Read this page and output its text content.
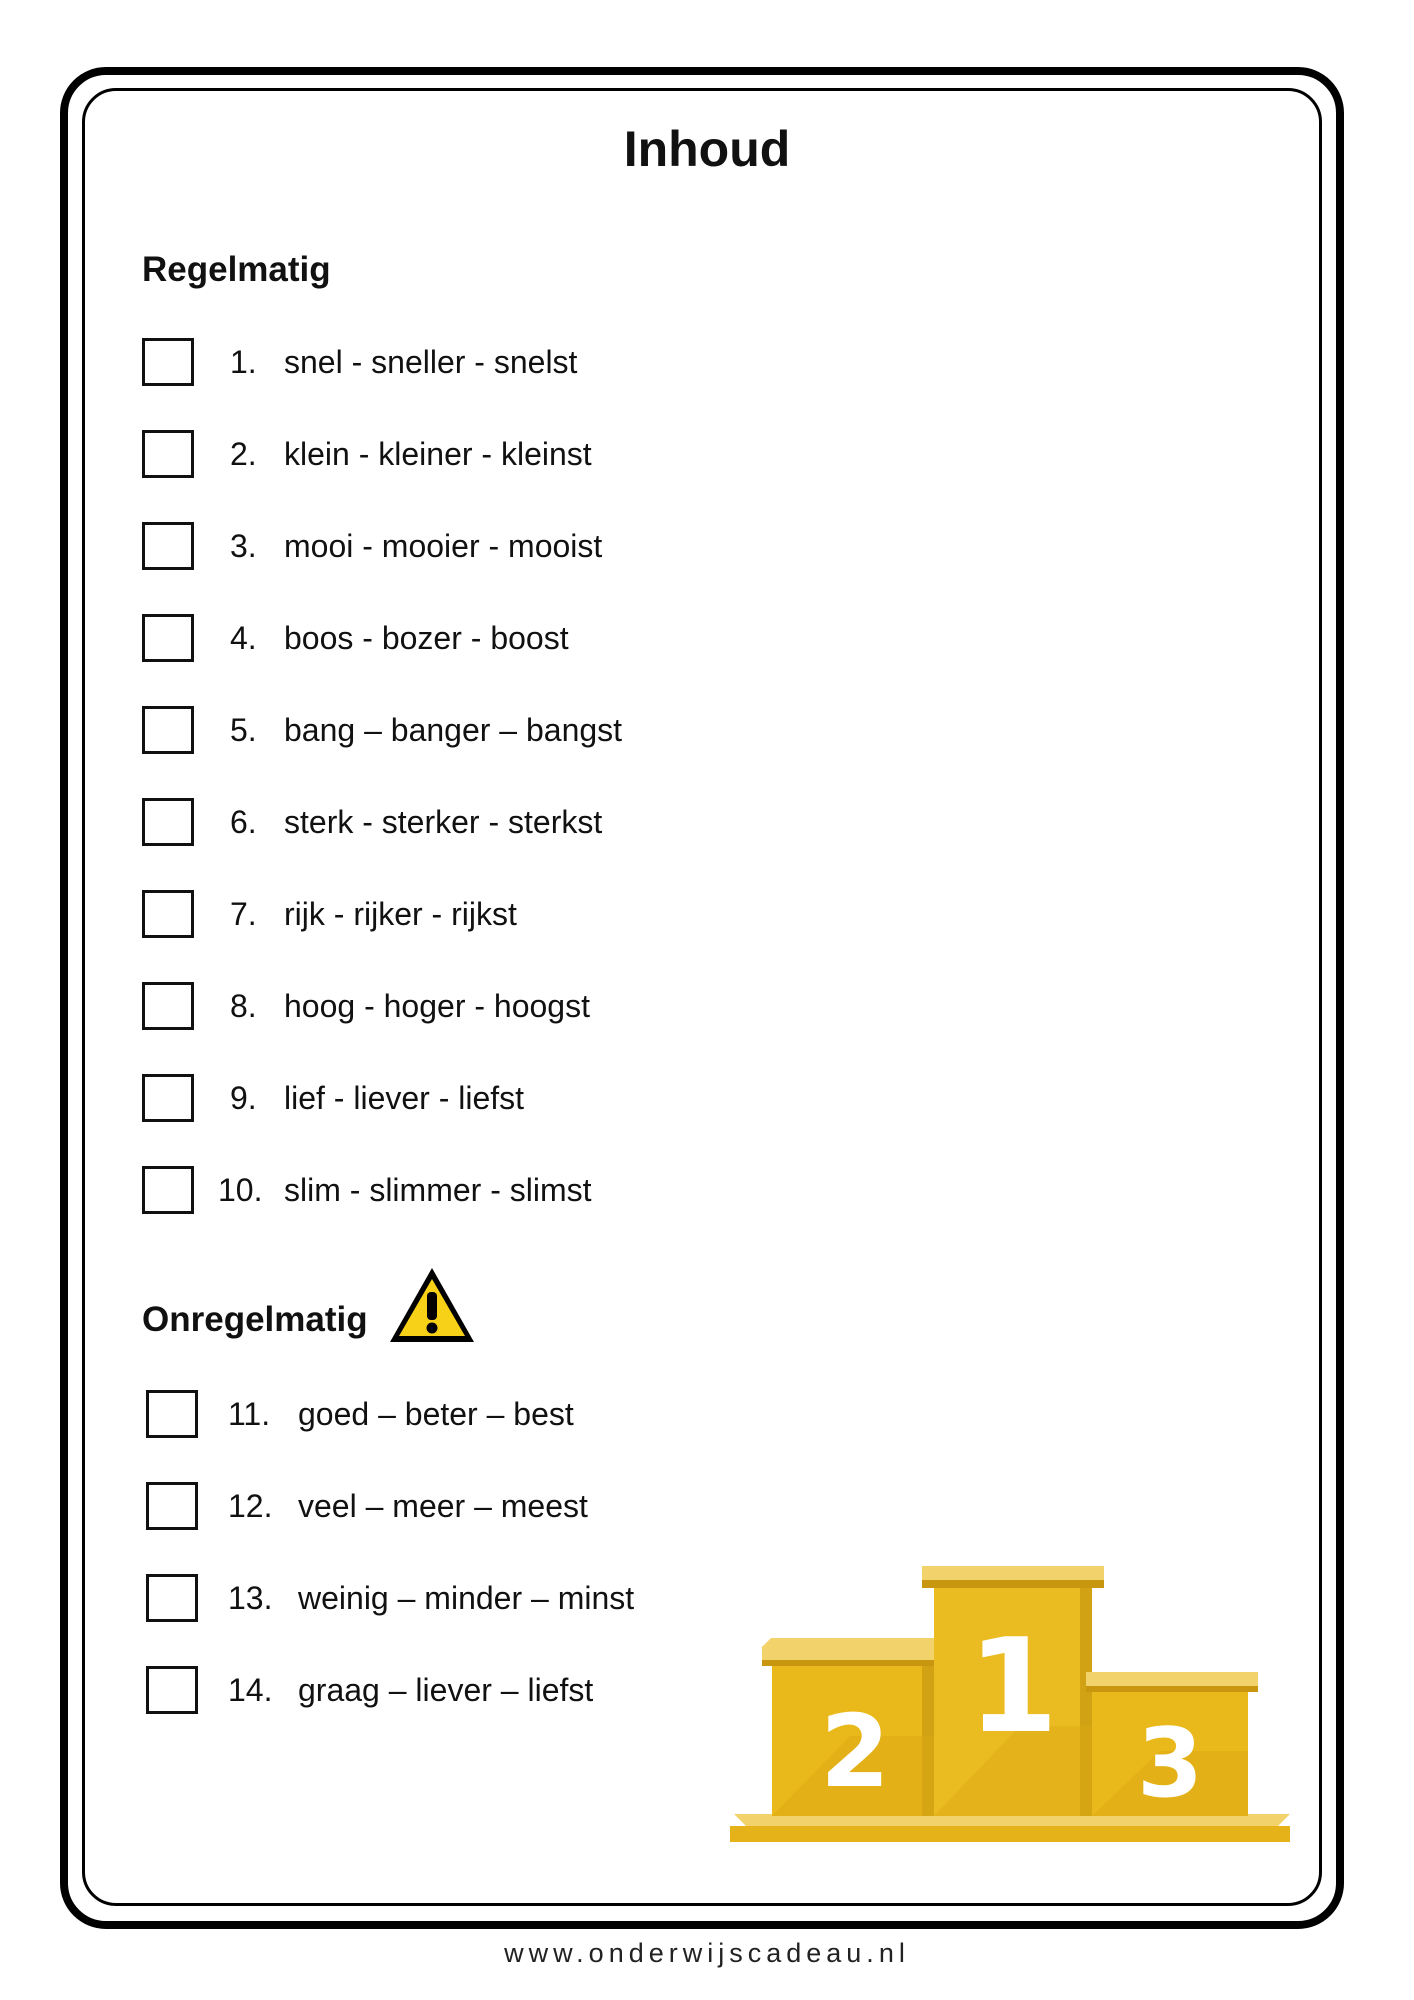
Inhoud
Regelmatig
1. snel - sneller - snelst
2. klein - kleiner - kleinst
3. mooi - mooier - mooist
4. boos - bozer - boost
5. bang – banger – bangst
6. sterk - sterker - sterkst
7. rijk - rijker - rijkst
8. hoog - hoger - hoogst
9. lief - liever - liefst
10. slim - slimmer - slimst
Onregelmatig
11. goed – beter – best
12. veel – meer – meest
13. weinig – minder – minst
14. graag – liever – liefst
2 1
3
www.onderwijscadeau.nl
